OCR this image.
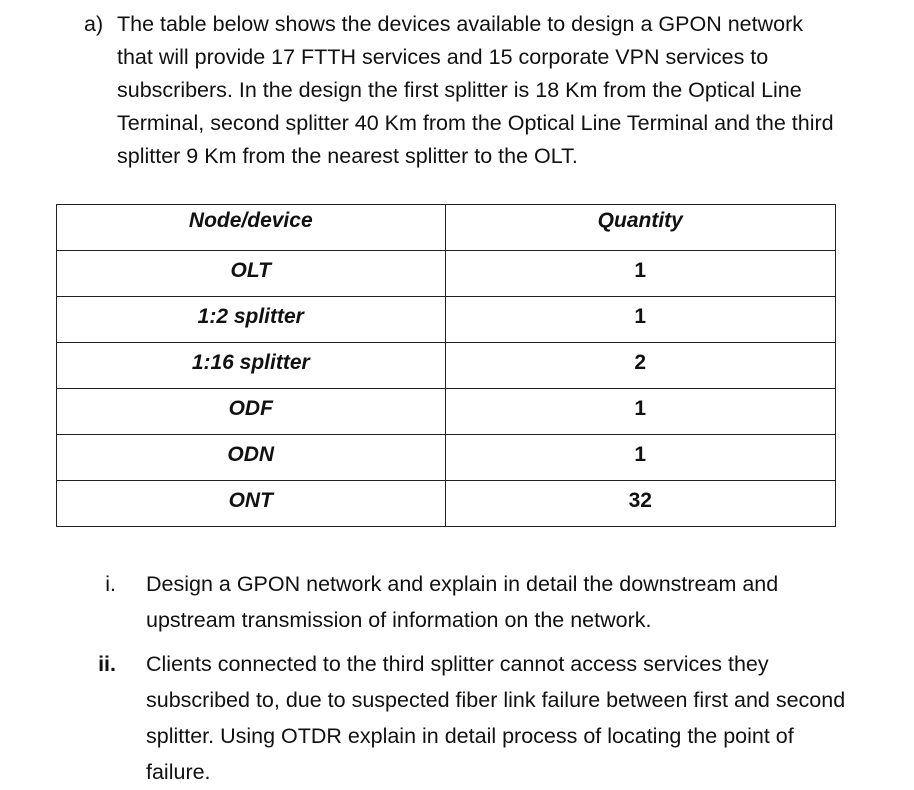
a) The table below shows the devices available to design a GPON network that will provide 17 FTTH services and 15 corporate VPN services to subscribers. In the design the first splitter is 18 Km from the Optical Line Terminal, second splitter 40 Km from the Optical Line Terminal and the third splitter 9 Km from the nearest splitter to the OLT.
Node/device	Quantity
OLT	1
1:2 splitter	1
1:16 splitter	2
ODF	1
ODN	1
ONT	32
i. Design a GPON network and explain in detail the downstream and upstream transmission of information on the network.
ii. Clients connected to the third splitter cannot access services they subscribed to, due to suspected fiber link failure between first and second splitter. Using OTDR explain in detail process of locating the point of failure.
